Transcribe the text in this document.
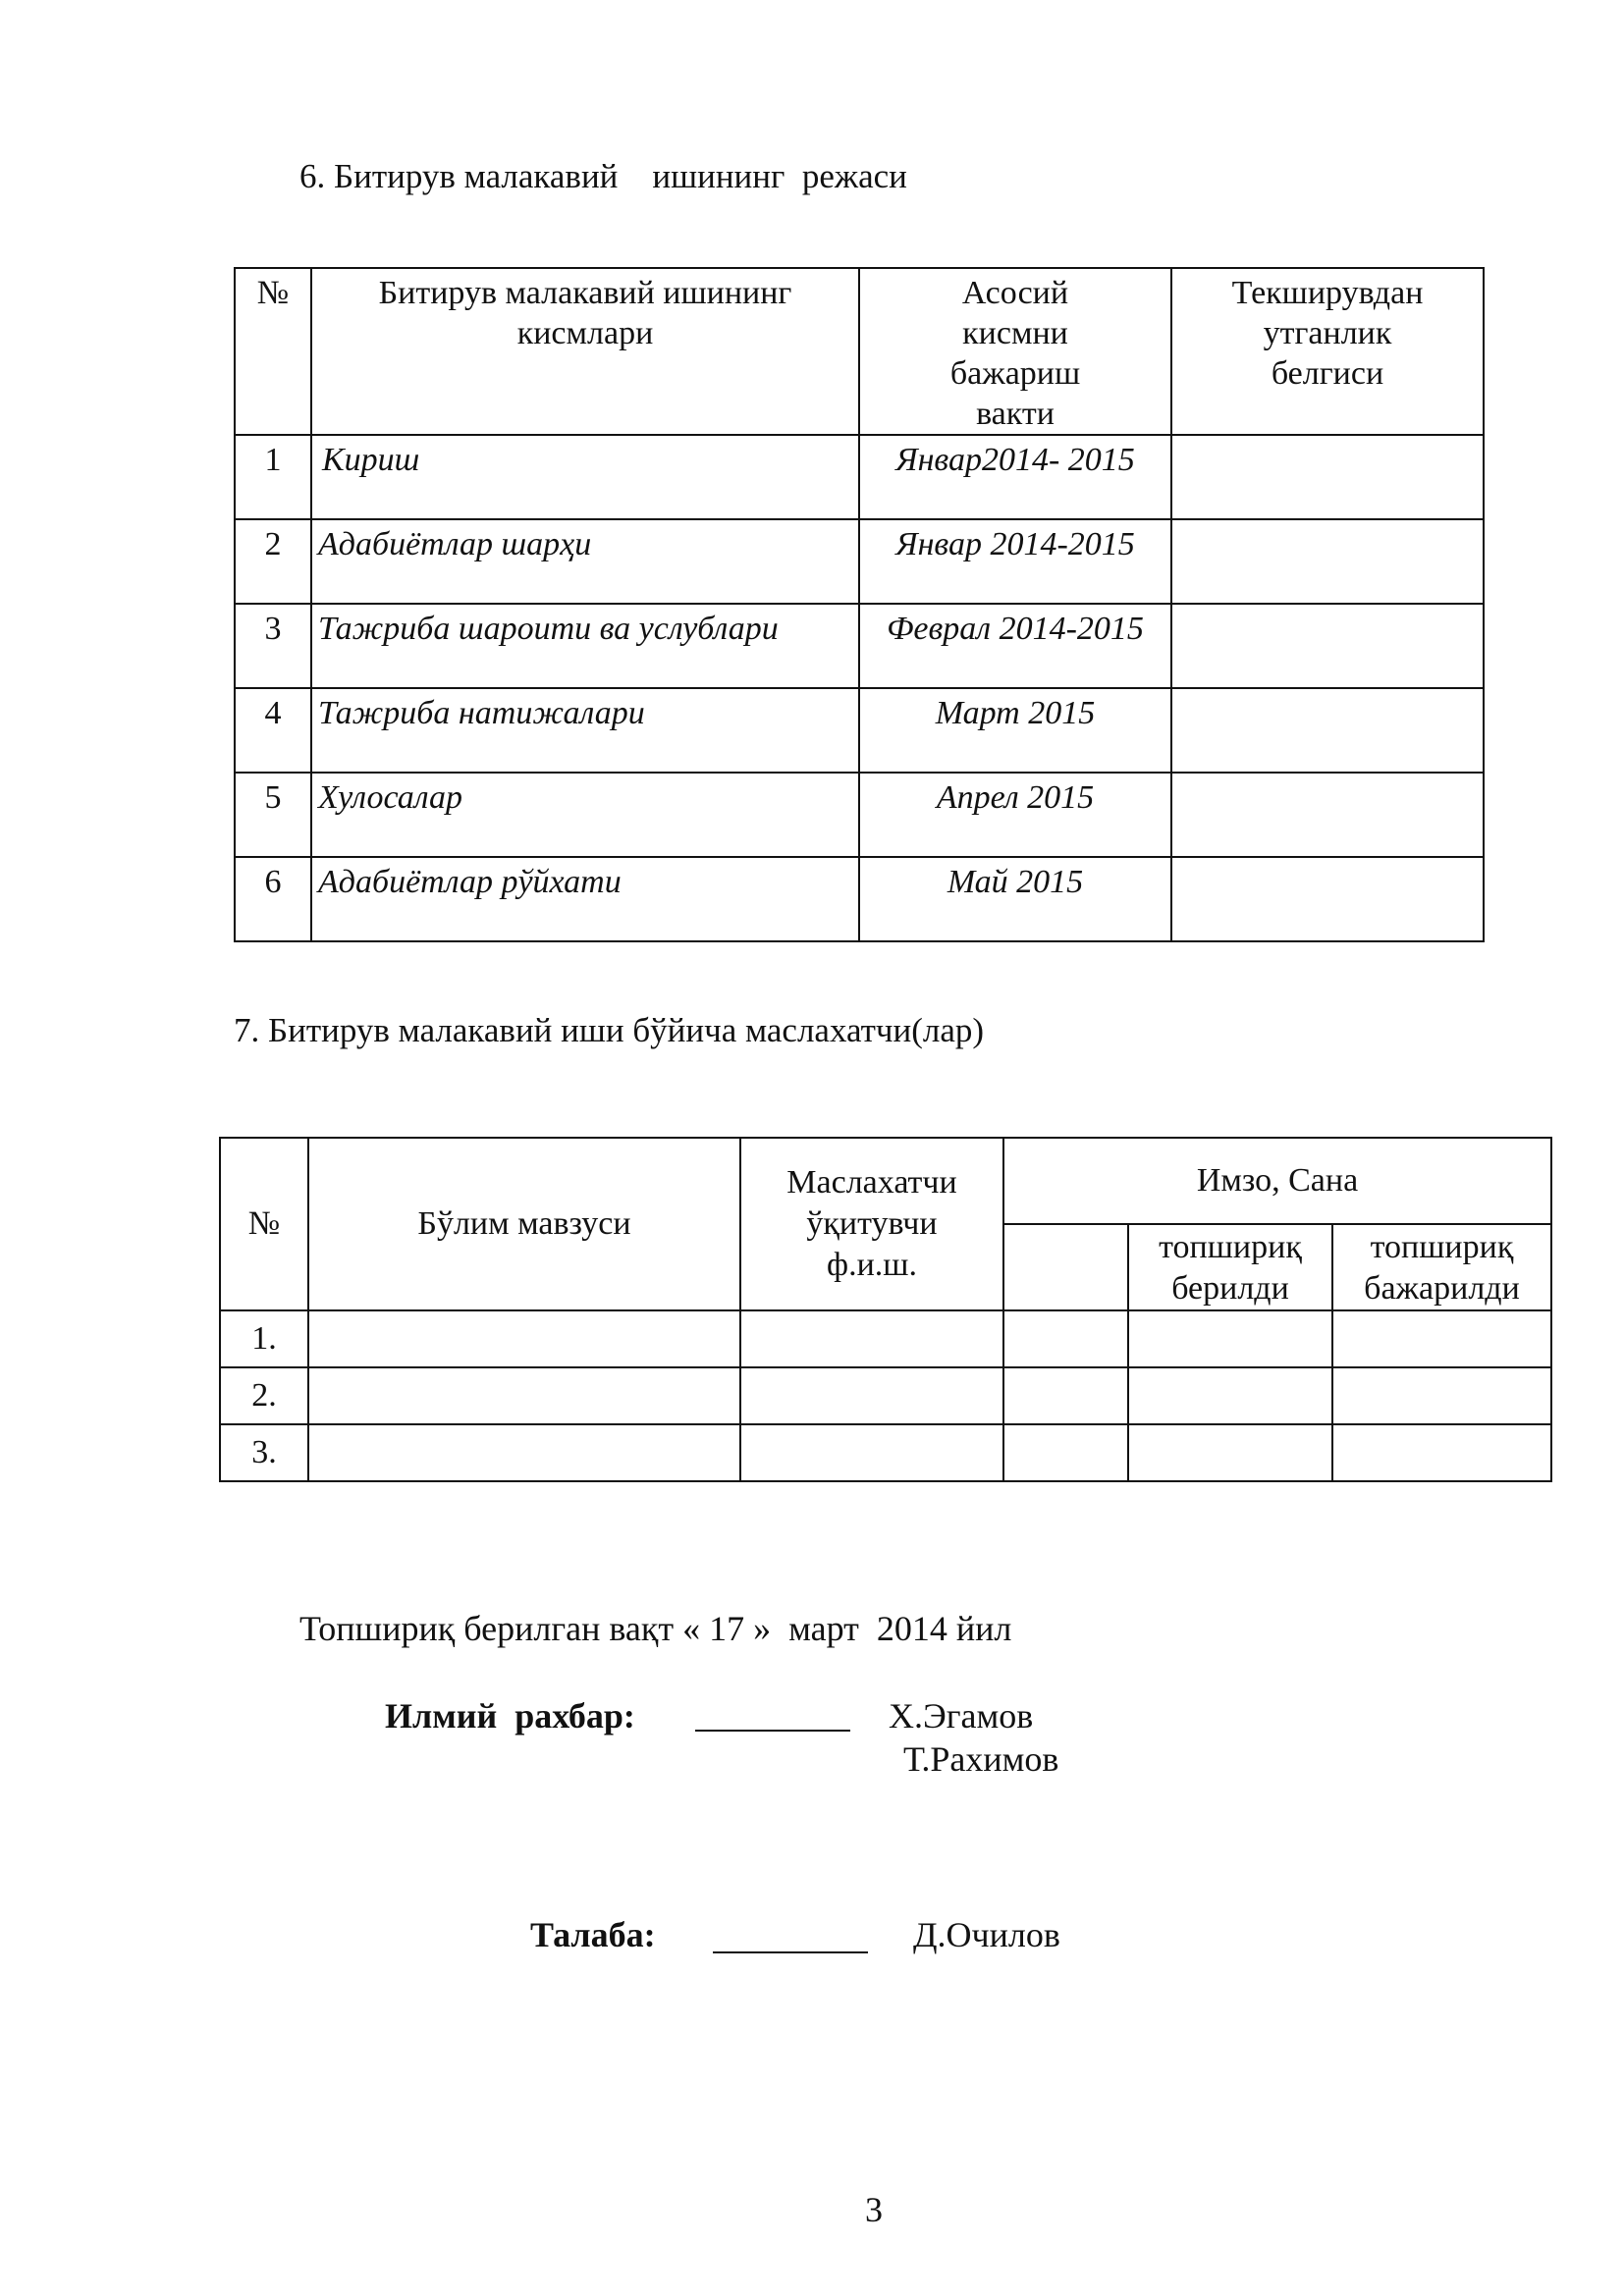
6. Битирув малакавий    ишининг  режаси
№	Битирув малакавий ишининг кисмлари	Асосий кисмни бажариш вакти	Текширувдан утганлик белгиси
1	Кириш	Январ2014- 2015	
2	Адабиётлар шарҳи	Январ 2014-2015	
3	Тажриба шароити ва услублари	Феврал 2014-2015	
4	Тажриба натижалари	Март 2015	
5	Хулосалар	Апрел 2015	
6	Адабиётлар рўйхати	Май 2015	
7. Битирув малакавий иши бўйича маслахатчи(лар)
№	Бўлим мавзуси	Маслахатчи ўқитувчи ф.и.ш.	Имзо, Сана		
				топшириқ берилди	топшириқ бажарилди
1.					
2.					
3.					
Топшириқ берилган вақт « 17 »  март  2014 йил
Илмий  рахбар:	Х.Эгамов
Т.Рахимов
Талаба:	Д.Очилов
3
